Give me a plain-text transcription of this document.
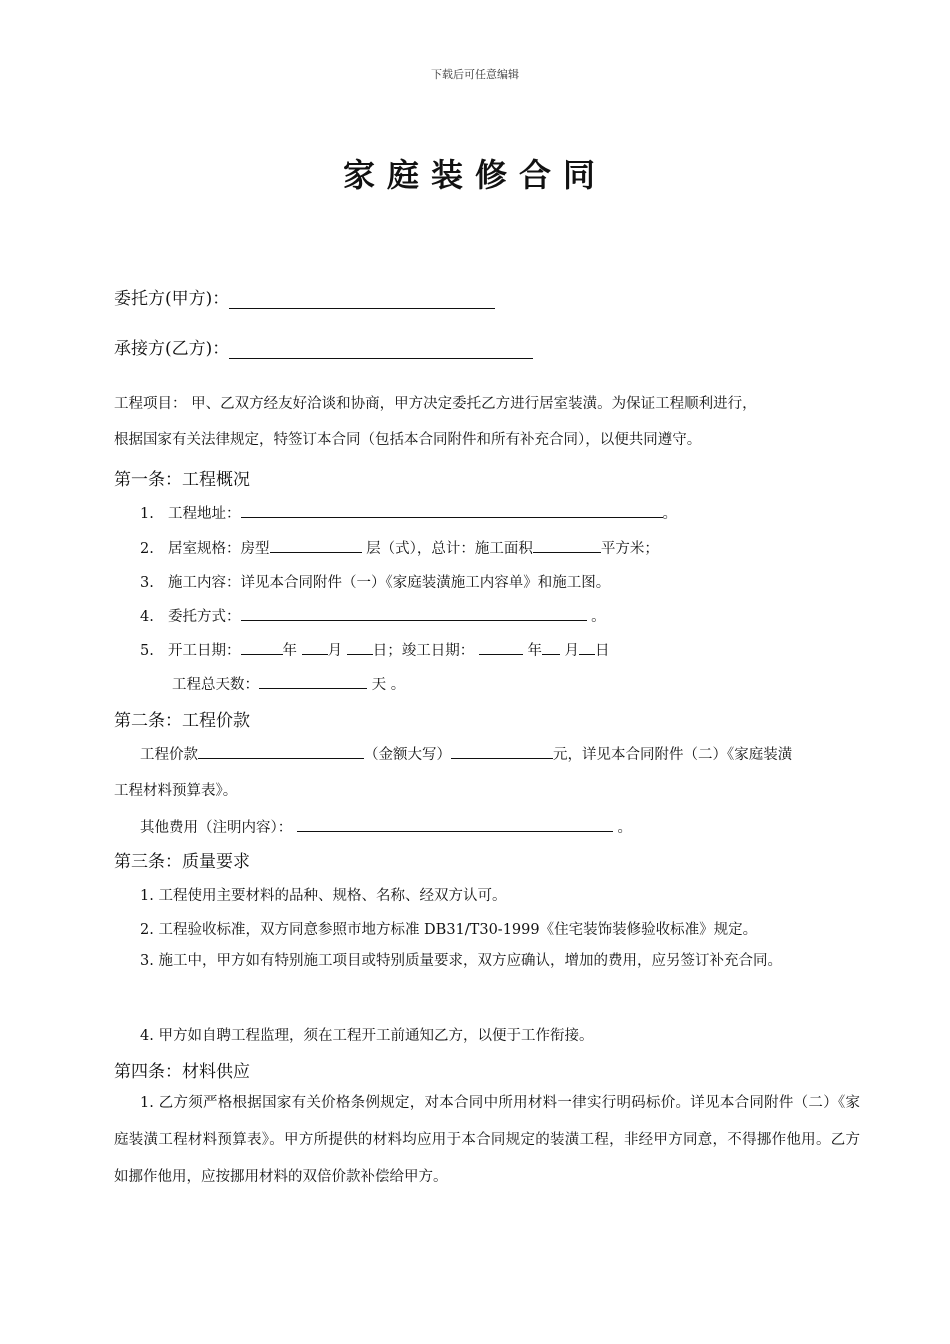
下载后可任意编辑
家庭装修合同
委托方(甲方)：
承接方(乙方)：
工程项目： 甲、乙双方经友好洽谈和协商，甲方决定委托乙方进行居室装潢。为保证工程顺利进行，
根据国家有关法律规定，特签订本合同（包括本合同附件和所有补充合同），以便共同遵守。
第一条：工程概况
1. 工程地址：	。
2. 居室规格：房型	层（式），总计：施工面积	平方米；
3. 施工内容：详见本合同附件（一）《家庭装潢施工内容单》和施工图。
4. 委托方式：	。
5. 开工日期：	年 月 日；竣工日期：	年 月 日
工程总天数：	天 。
第二条：工程价款
工程价款	（金额大写）	元，详见本合同附件（二）《家庭装潢
工程材料预算表》。
其他费用（注明内容）：	。
第三条：质量要求
1. 工程使用主要材料的品种、规格、名称、经双方认可。
2. 工程验收标准，双方同意参照市地方标准 DB31/T30-1999《住宅装饰装修验收标准》规定。
3. 施工中，甲方如有特别施工项目或特别质量要求，双方应确认，增加的费用，应另签订补充合同。
4. 甲方如自聘工程监理，须在工程开工前通知乙方，以便于工作衔接。
第四条：材料供应
1. 乙方须严格根据国家有关价格条例规定，对本合同中所用材料一律实行明码标价。详见本合同附件（二）《家庭装潢工程材料预算表》。甲方所提供的材料均应用于本合同规定的装潢工程，非经甲方同意，不得挪作他用。乙方如挪作他用，应按挪用材料的双倍价款补偿给甲方。
